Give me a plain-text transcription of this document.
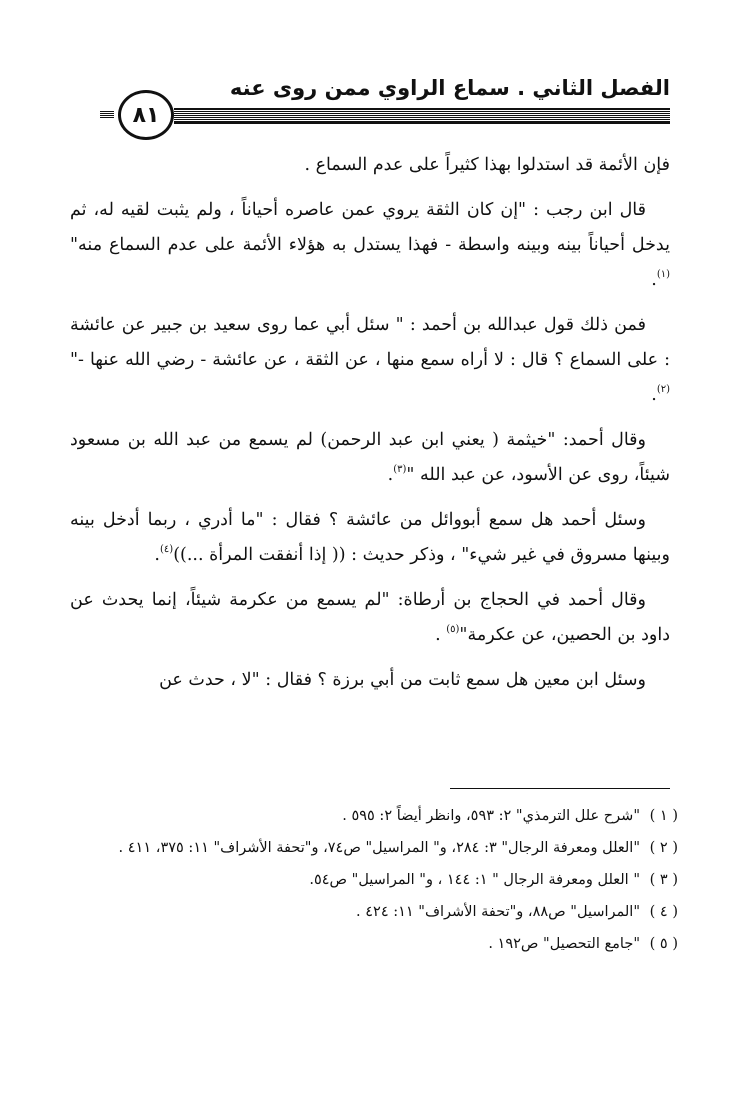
الفصل الثاني . سماع الراوي ممن روى عنه
٨١

فإن الأئمة قد استدلوا بهذا كثيراً على عدم السماع .

قال ابن رجب : "إن كان الثقة يروي عمن عاصره أحياناً ، ولم يثبت لقيه له، ثم يدخل أحياناً بينه وبينه واسطة - فهذا يستدل به هؤلاء الأئمة على عدم السماع منه"$^{(١)}$.

فمن ذلك قول عبدالله بن أحمد : " سئل أبي عما روى سعيد بن جبير عن عائشة : على السماع ؟ قال : لا أراه سمع منها ، عن الثقة ، عن عائشة - رضي الله عنها -" $^{(٢)}$.

وقال أحمد: "خيثمة ( يعني ابن عبد الرحمن) لم يسمع من عبد الله بن مسعود شيئاً، روى عن الأسود، عن عبد الله "$^{(٣)}$.

وسئل أحمد هل سمع أبووائل من عائشة ؟ فقال : "ما أدري ، ربما أدخل بينه وبينها مسروق في غير شيء" ، وذكر حديث : (( إذا أنفقت المرأة ...))$^{(٤)}$.

وقال أحمد في الحجاج بن أرطاة: "لم يسمع من عكرمة شيئاً، إنما يحدث عن داود بن الحصين، عن عكرمة"$^{(٥)}$ .

وسئل ابن معين هل سمع ثابت من أبي برزة ؟ فقال : "لا ، حدث عن

( ١ )
"شرح علل الترمذي" ٢: ٥٩٣، وانظر أيضاً ٢: ٥٩٥ .
( ٢ )
"العلل ومعرفة الرجال" ٣: ٢٨٤، و" المراسيل" ص٧٤، و"تحفة الأشراف" ١١: ٣٧٥، ٤١١ .
( ٣ )
" العلل ومعرفة الرجال " ١: ١٤٤ ، و" المراسيل" ص٥٤.
( ٤ )
"المراسيل" ص٨٨، و"تحفة الأشراف" ١١: ٤٢٤ .
( ٥ )
"جامع التحصيل" ص١٩٢ .
